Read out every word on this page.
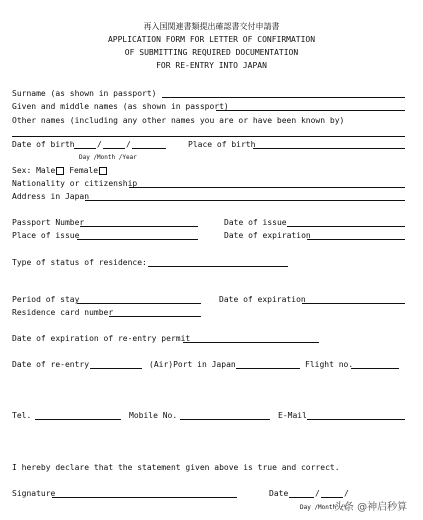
再入国関連書類提出確認書交付申請書
APPLICATION FORM FOR LETTER OF CONFIRMATION
OF SUBMITTING REQUIRED DOCUMENTATION
FOR RE-ENTRY INTO JAPAN
Surname (as shown in passport)
Given and middle names (as shown in passport)
Other names (including any other names you are or have been known by)
Date of birth	/	/
Day /Month /Year
Place of birth
Sex: Male Female
Nationality or citizenship
Address in Japan
Passport Number	Date of issue
Place of issue	Date of expiration
Type of status of residence:
Period of stay	Date of expiration
Residence card number
Date of expiration of re-entry permit
Date of re-entry	(Air)Port in Japan	Flight no.
Tel.	Mobile No.	E-Mail
I hereby declare that the statement given above is true and correct.
Signature	Date	/	/
Day /Month /Y
头条 @神启秒算
